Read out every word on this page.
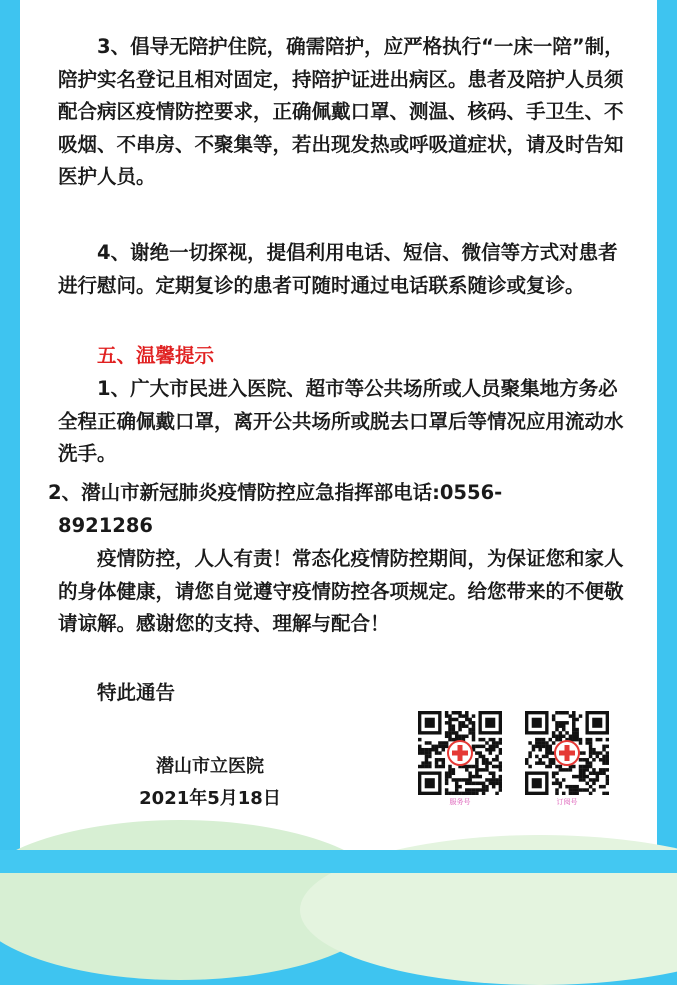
3、倡导无陪护住院，确需陪护，应严格执行“一床一陪”制，陪护实名登记且相对固定，持陪护证进出病区。患者及陪护人员须配合病区疫情防控要求，正确佩戴口罩、测温、核码、手卫生、不吸烟、不串房、不聚集等，若出现发热或呼吸道症状，请及时告知医护人员。
4、谢绝一切探视，提倡利用电话、短信、微信等方式对患者进行慰问。定期复诊的患者可随时通过电话联系随诊或复诊。
五、温馨提示
1、广大市民进入医院、超市等公共场所或人员聚集地方务必全程正确佩戴口罩，离开公共场所或脱去口罩后等情况应用流动水洗手。
2、潜山市新冠肺炎疫情防控应急指挥部电话:0556-
8921286
疫情防控，人人有责！常态化疫情防控期间，为保证您和家人的身体健康，请您自觉遵守疫情防控各项规定。给您带来的不便敬请谅解。感谢您的支持、理解与配合！
特此通告
潜山市立医院
2021年5月18日	服务号	订阅号
